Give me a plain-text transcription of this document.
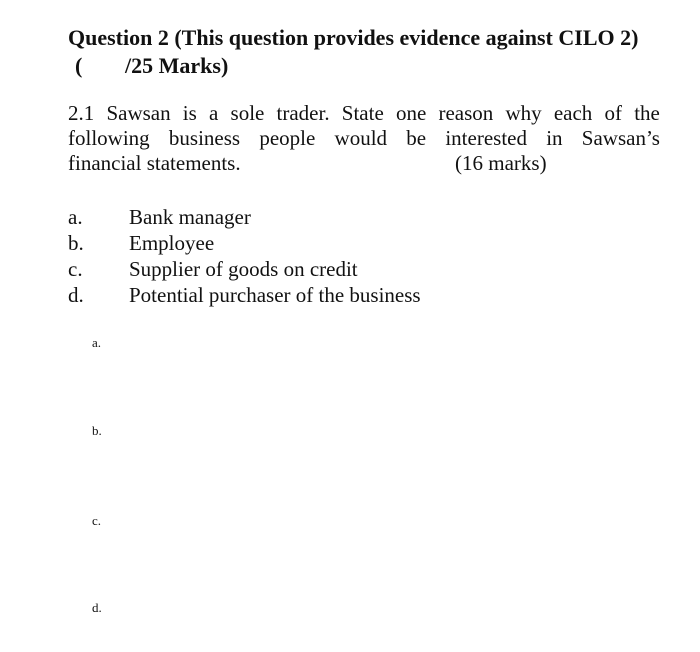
Question 2 (This question provides evidence against CILO 2)
( /25 Marks)
2.1 Sawsan is a sole trader. State one reason why each of the
following business people would be interested in Sawsan’s
financial statements.	(16 marks)
a.	Bank manager
b.	Employee
c.	Supplier of goods on credit
d.	Potential purchaser of the business
a.
b.
c.
d.
